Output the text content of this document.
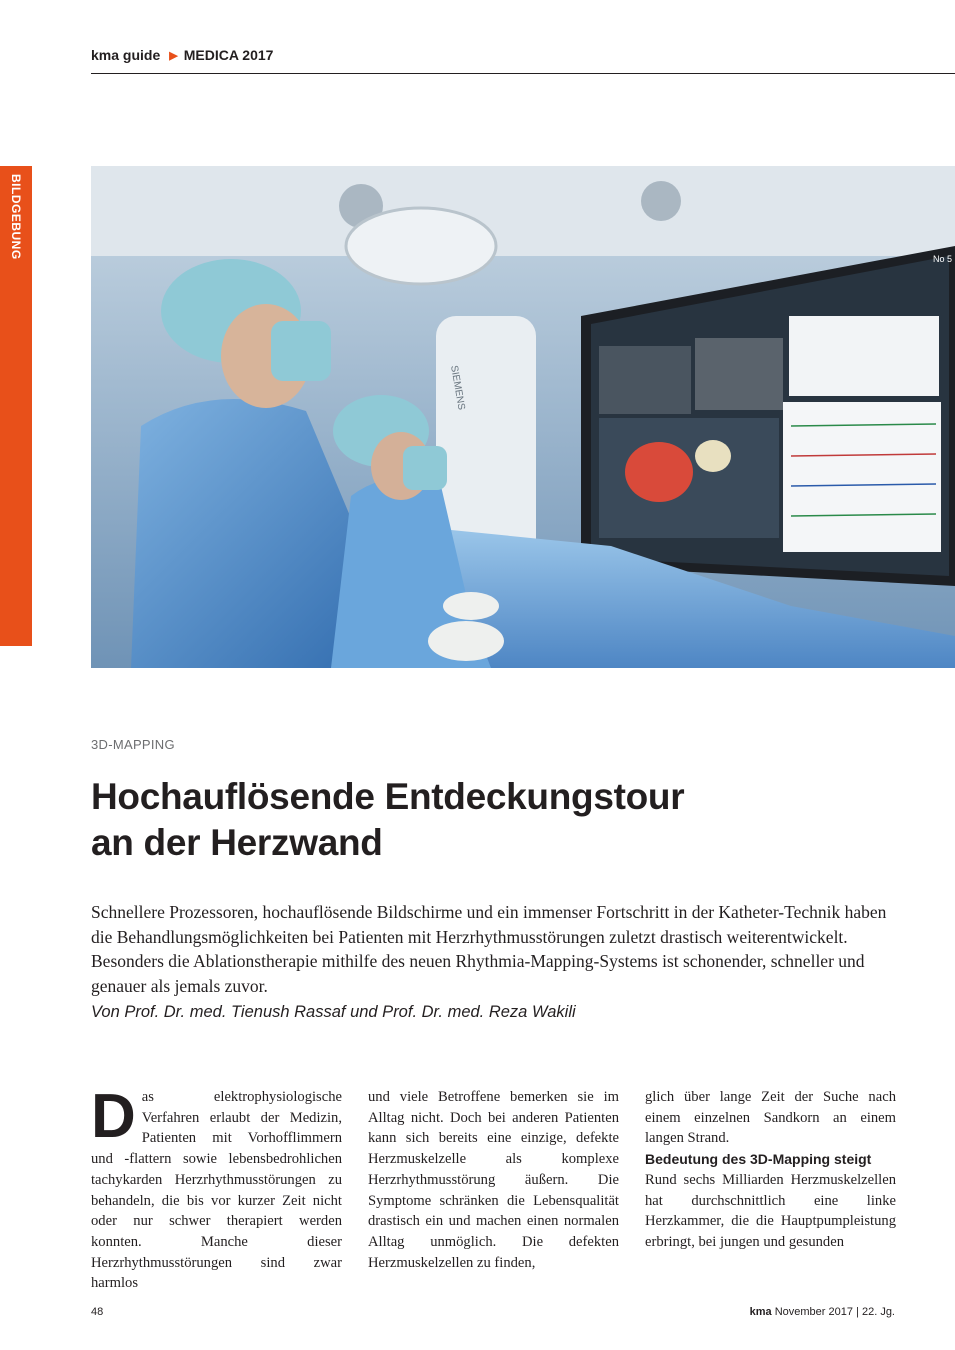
kma guide ▶ MEDICA 2017
BILDGEBUNG
SIEMENS
No 5
3D-MAPPING
Hochauflösende Entdeckungstour
an der Herzwand

Schnellere Prozessoren, hochauflösende Bildschirme und ein immenser Fortschritt in der Katheter-Technik haben die Behandlungsmöglichkeiten bei Patienten mit Herzrhythmusstörungen zuletzt drastisch weiterentwickelt. Besonders die Ablationstherapie mithilfe des neuen Rhythmia-Mapping-Systems ist schonender, schneller und genauer als jemals zuvor.

Von Prof. Dr. med. Tienush Rassaf und Prof. Dr. med. Reza Wakili

D as elektrophysiologische Verfahren erlaubt der Medizin, Patienten mit Vorhofflimmern und -flattern sowie lebensbedrohlichen tachykarden Herzrhythmusstörungen zu behandeln, die bis vor kurzer Zeit nicht oder nur schwer therapiert werden konnten. Manche dieser Herzrhythmusstörungen sind zwar harmlos

und viele Betroffene bemerken sie im Alltag nicht. Doch bei anderen Patienten kann sich bereits eine einzige, defekte Herzmuskelzelle als komplexe Herzrhythmusstörung äußern. Die Symptome schränken die Lebensqualität drastisch ein und machen einen normalen Alltag unmöglich. Die defekten Herzmuskelzellen zu finden,

glich über lange Zeit der Suche nach einem einzelnen Sandkorn an einem langen Strand.

Bedeutung des 3D-Mapping steigt

Rund sechs Milliarden Herzmuskelzellen hat durchschnittlich eine linke Herzkammer, die die Hauptpumpleistung erbringt, bei jungen und gesunden

48	kma November 2017 | 22. Jg.
